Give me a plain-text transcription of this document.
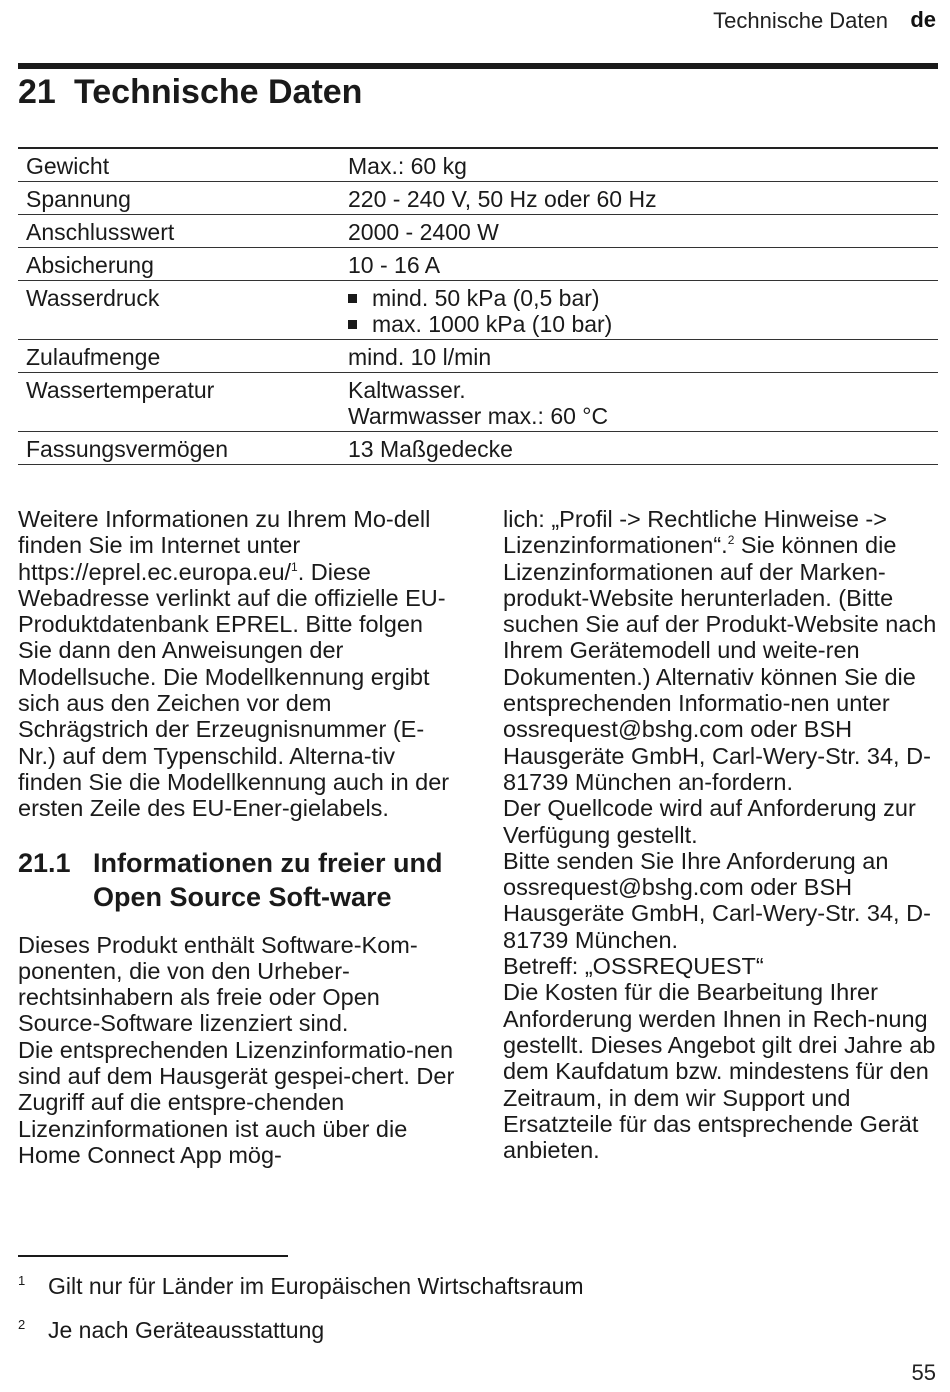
Technische Daten de
21 Technische Daten
Gewicht	Max.: 60 kg
Spannung	220 - 240 V, 50 Hz oder 60 Hz
Anschlusswert	2000 - 2400 W
Absicherung	10 - 16 A
Wasserdruck	mind. 50 kPa (0,5 bar)
max. 1000 kPa (10 bar)

Zulaufmenge	mind. 10 l/min
Wassertemperatur	Kaltwasser.
Warmwasser max.: 60 °C

Fassungsvermögen	13 Maßgedecke

Weitere Informationen zu Ihrem Mo-dell finden Sie im Internet unter https://eprel.ec.europa.eu/$^1$. Diese Webadresse verlinkt auf die offizielle EU-Produktdatenbank EPREL. Bitte folgen Sie dann den Anweisungen der Modellsuche. Die Modellkennung ergibt sich aus den Zeichen vor dem Schrägstrich der Erzeugnisnummer (E-Nr.) auf dem Typenschild. Alterna-tiv finden Sie die Modellkennung auch in der ersten Zeile des EU-Ener-gielabels.

21.1 Informationen zu freier und Open Source Soft-ware

Dieses Produkt enthält Software-Kom-ponenten, die von den Urheber-rechtsinhabern als freie oder Open Source-Software lizenziert sind.

Die entsprechenden Lizenzinformatio-nen sind auf dem Hausgerät gespei-chert. Der Zugriff auf die entspre-chenden Lizenzinformationen ist auch über die Home Connect App mög-

lich: „Profil -> Rechtliche Hinweise -> Lizenzinformationen“.$^2$ Sie können die Lizenzinformationen auf der Marken-produkt-Website herunterladen. (Bitte suchen Sie auf der Produkt-Website nach Ihrem Gerätemodell und weite-ren Dokumenten.) Alternativ können Sie die entsprechenden Informatio-nen unter ossrequest@bshg.com oder BSH Hausgeräte GmbH, Carl-Wery-Str. 34, D-81739 München an-fordern.

Der Quellcode wird auf Anforderung zur Verfügung gestellt.

Bitte senden Sie Ihre Anforderung an ossrequest@bshg.com oder BSH Hausgeräte GmbH, Carl-Wery-Str. 34, D-81739 München.

Betreff: „OSSREQUEST“

Die Kosten für die Bearbeitung Ihrer Anforderung werden Ihnen in Rech-nung gestellt. Dieses Angebot gilt drei Jahre ab dem Kaufdatum bzw. mindestens für den Zeitraum, in dem wir Support und Ersatzteile für das entsprechende Gerät anbieten.

1 Gilt nur für Länder im Europäischen Wirtschaftsraum
2 Je nach Geräteausstattung
55
